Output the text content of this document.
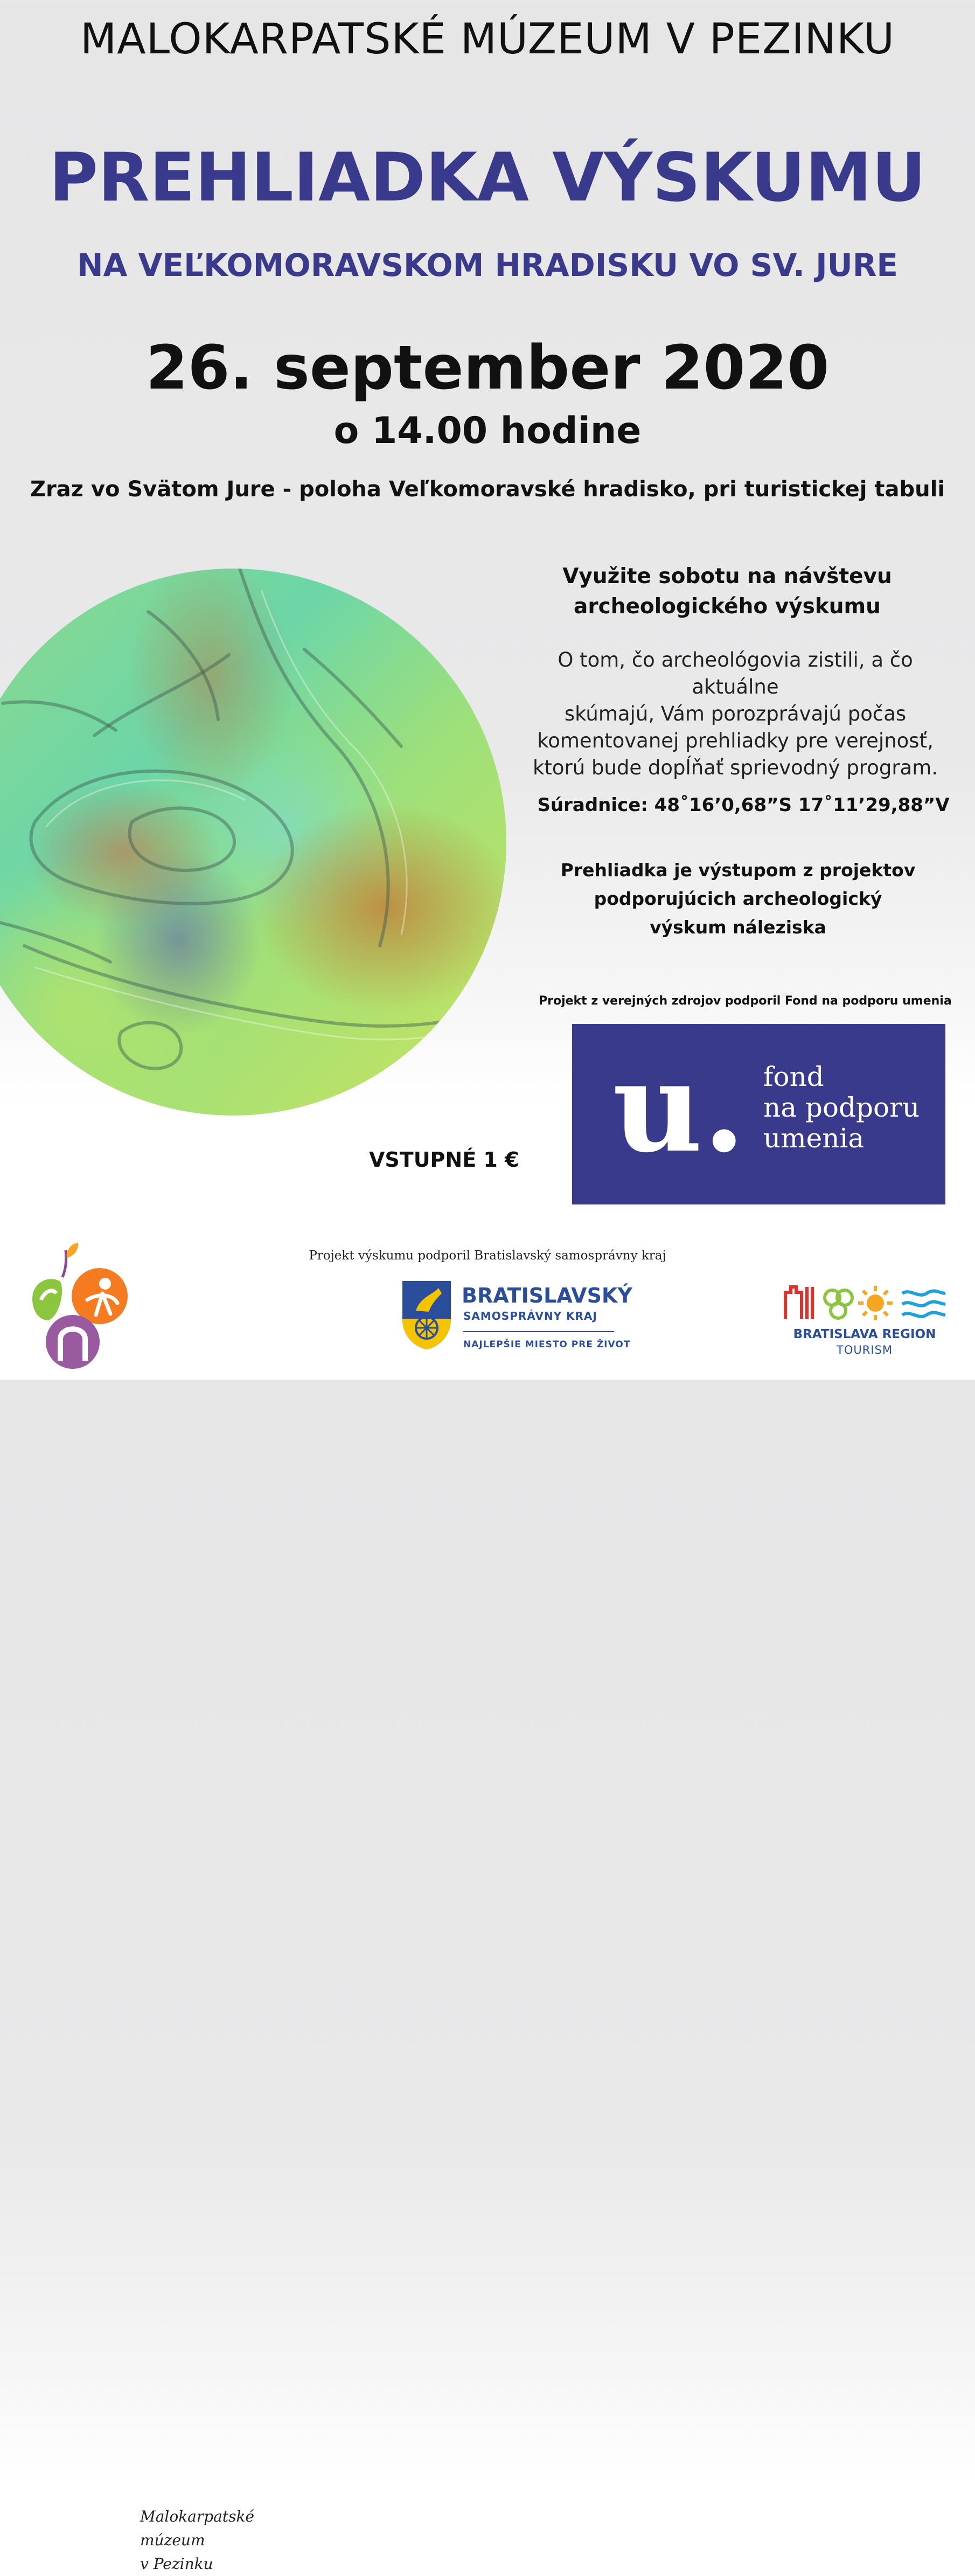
MALOKARPATSKÉ MÚZEUM V PEZINKU
PREHLIADKA VÝSKUMU
NA VEĽKOMORAVSKOM HRADISKU VO SV. JURE
26. september 2020
o 14.00 hodine
Zraz vo Svätom Jure - poloha Veľkomoravské hradisko, pri turistickej tabuli
Využite sobotu na návštevu
archeologického výskumu
O tom, čo archeológovia zistili, a čo aktuálne
skúmajú, Vám porozprávajú počas
komentovanej prehliadky pre verejnosť,
ktorú bude dopĺňať sprievodný program.
Súradnice: 48˚16’0,68”S 17˚11’29,88”V
Prehliadka je výstupom z projektov
podporujúcich archeologický
výskum náleziska
Projekt z verejných zdrojov podporil Fond na podporu umenia
u. fond
na podporu
umenia
VSTUPNÉ 1 €
Projekt výskumu podporil Bratislavský samosprávny kraj
Malokarpatské
múzeum
v Pezinku
BRATISLAVSKÝ
SAMOSPRÁVNY KRAJ
NAJLEPŠIE MIESTO PRE ŽIVOT
BRATISLAVA REGION
TOURISM
